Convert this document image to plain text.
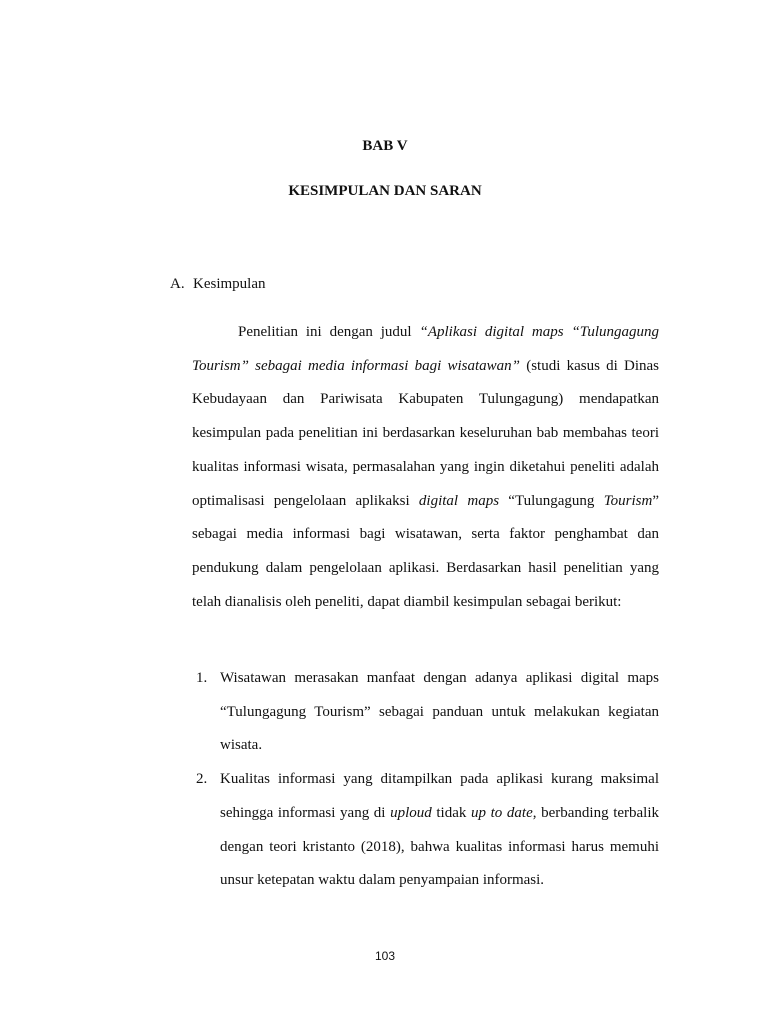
BAB V
KESIMPULAN DAN SARAN
A. Kesimpulan
Penelitian ini dengan judul “Aplikasi digital maps “Tulungagung Tourism” sebagai media informasi bagi wisatawan” (studi kasus di Dinas Kebudayaan dan Pariwisata Kabupaten Tulungagung) mendapatkan kesimpulan pada penelitian ini berdasarkan keseluruhan bab membahas teori kualitas informasi wisata, permasalahan yang ingin diketahui peneliti adalah optimalisasi pengelolaan aplikaksi digital maps “Tulungagung Tourism” sebagai media informasi bagi wisatawan, serta faktor penghambat dan pendukung dalam pengelolaan aplikasi. Berdasarkan hasil penelitian yang telah dianalisis oleh peneliti, dapat diambil kesimpulan sebagai berikut:
1. Wisatawan merasakan manfaat dengan adanya aplikasi digital maps “Tulungagung Tourism” sebagai panduan untuk melakukan kegiatan wisata.
2. Kualitas informasi yang ditampilkan pada aplikasi kurang maksimal sehingga informasi yang di uploud tidak up to date, berbanding terbalik dengan teori kristanto (2018), bahwa kualitas informasi harus memuhi unsur ketepatan waktu dalam penyampaian informasi.
103
